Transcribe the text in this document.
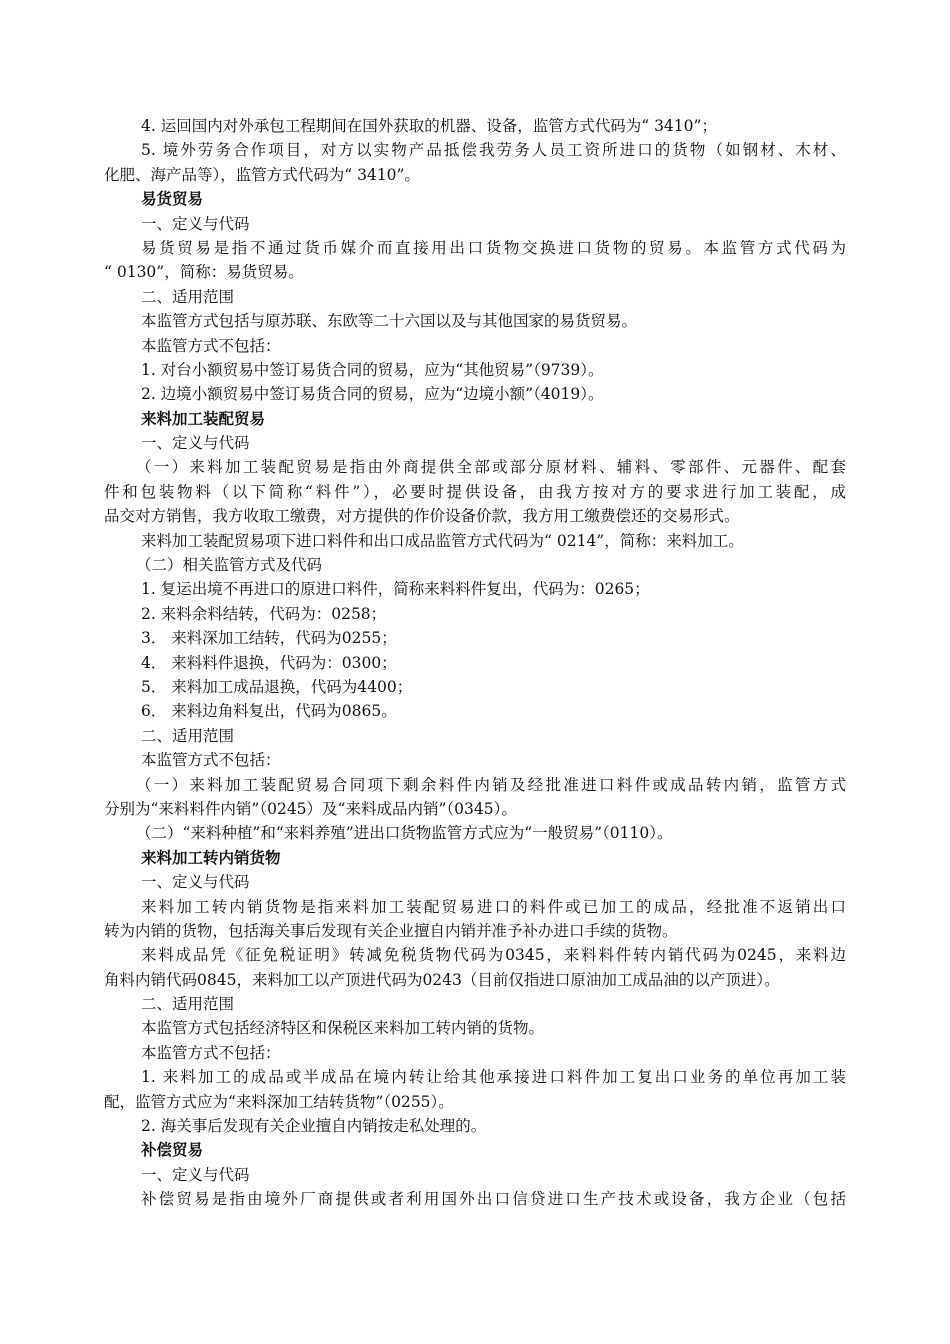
4. 运回国内对外承包工程期间在国外获取的机器、设备，监管方式代码为“ 3410”；

5. 境外劳务合作项目，对方以实物产品抵偿我劳务人员工资所进口的货物（如钢材、木材、

化肥、海产品等），监管方式代码为“ 3410”。

易货贸易

一、定义与代码

易货贸易是指不通过货币媒介而直接用出口货物交换进口货物的贸易。本监管方式代码为

“ 0130”，简称：易货贸易。

二、适用范围

本监管方式包括与原苏联、东欧等二十六国以及与其他国家的易货贸易。

本监管方式不包括：

1. 对台小额贸易中签订易货合同的贸易，应为“其他贸易”（9739）。

2. 边境小额贸易中签订易货合同的贸易，应为“边境小额”（4019）。

来料加工装配贸易

一、定义与代码

（一）来料加工装配贸易是指由外商提供全部或部分原材料、辅料、零部件、元器件、配套

件和包装物料（以下简称“料件”），必要时提供设备，由我方按对方的要求进行加工装配，成

品交对方销售，我方收取工缴费，对方提供的作价设备价款，我方用工缴费偿还的交易形式。

来料加工装配贸易项下进口料件和出口成品监管方式代码为“ 0214”，简称：来料加工。

（二）相关监管方式及代码

1. 复运出境不再进口的原进口料件，简称来料料件复出，代码为：0265；

2. 来料余料结转，代码为：0258；

3． 来料深加工结转，代码为0255；

4． 来料料件退换，代码为：0300；

5． 来料加工成品退换，代码为4400；

6． 来料边角料复出，代码为0865。

二、适用范围

本监管方式不包括：

（一）来料加工装配贸易合同项下剩余料件内销及经批准进口料件或成品转内销，监管方式

分别为“来料料件内销”（0245）及“来料成品内销”（0345）。

（二）“来料种植”和“来料养殖”进出口货物监管方式应为“一般贸易”（0110）。

来料加工转内销货物

一、定义与代码

来料加工转内销货物是指来料加工装配贸易进口的料件或已加工的成品，经批准不返销出口

转为内销的货物，包括海关事后发现有关企业擅自内销并准予补办进口手续的货物。

来料成品凭《征免税证明》转减免税货物代码为0345，来料料件转内销代码为0245，来料边

角料内销代码0845，来料加工以产顶进代码为0243（目前仅指进口原油加工成品油的以产顶进）。

二、适用范围

本监管方式包括经济特区和保税区来料加工转内销的货物。

本监管方式不包括：

1. 来料加工的成品或半成品在境内转让给其他承接进口料件加工复出口业务的单位再加工装

配，监管方式应为“来料深加工结转货物”（0255）。

2. 海关事后发现有关企业擅自内销按走私处理的。

补偿贸易

一、定义与代码

补偿贸易是指由境外厂商提供或者利用国外出口信贷进口生产技术或设备，我方企业（包括
